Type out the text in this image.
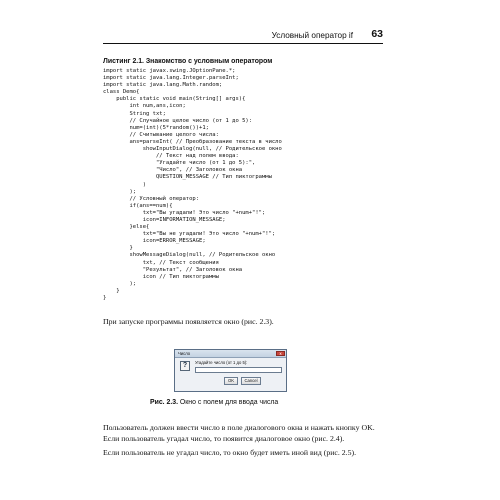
Условный оператор if 63
Листинг 2.1. Знакомство с условным оператором
import static javax.swing.JOptionPane.*;
import static java.lang.Integer.parseInt;
import static java.lang.Math.random;
class Demo{
public static void main(String[] args){
int num,ans,icon;
String txt;
// Случайное целое число (от 1 до 5):
num=(int)(5*random())+1;
// Считывание целого числа:
ans=parseInt( // Преобразование текста в число
showInputDialog(null, // Родительское окно
// Текст над полем ввода:
"Угадайте число (от 1 до 5):",
"Число", // Заголовок окна
QUESTION_MESSAGE // Тип пиктограммы
)
);
// Условный оператор:
if(ans==num){
txt="Вы угадали! Это число "+num+"!";
icon=INFORMATION_MESSAGE;
}else{
txt="Вы не угадали! Это число "+num+"!";
icon=ERROR_MESSAGE;
}
showMessageDialog(null, // Родительское окно
txt, // Текст сообщения
"Результат", // Заголовок окна
icon // Тип пиктограммы
);
}
}
При запуске программы появляется окно (рис. 2.3).
Число	x
?	Угадайте число (от 1 до 5):
OK	Cancel
Рис. 2.3. Окно с полем для ввода числа
Пользователь должен ввести число в поле диалогового окна и нажать кнопку OK.
Если пользователь угадал число, то появится диалоговое окно (рис. 2.4).
Если пользователь не угадал число, то окно будет иметь иной вид (рис. 2.5).
